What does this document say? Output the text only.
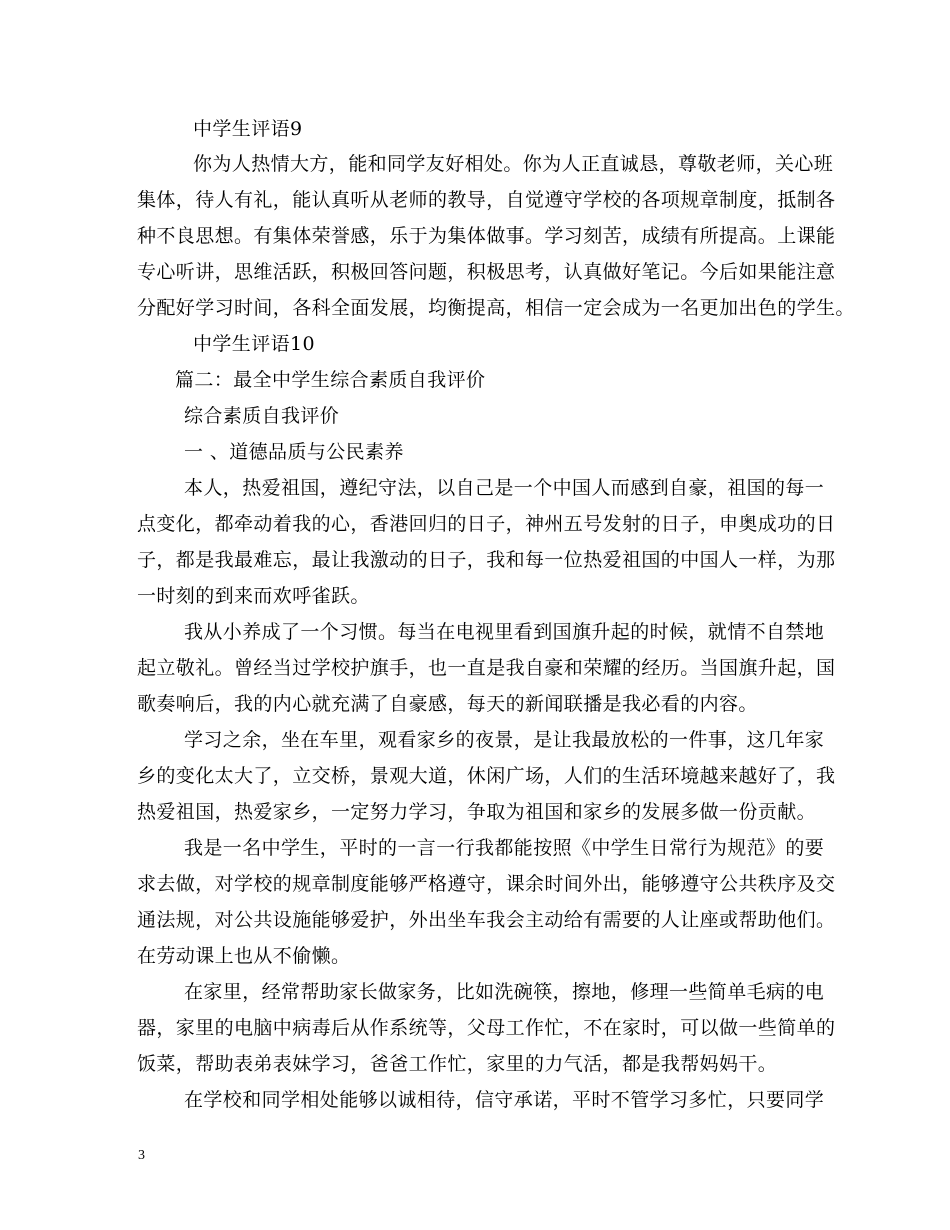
中学生评语9
你为人热情大方，能和同学友好相处。你为人正直诚恳，尊敬老师，关心班
集体，待人有礼，能认真听从老师的教导，自觉遵守学校的各项规章制度，抵制各
种不良思想。有集体荣誉感，乐于为集体做事。学习刻苦，成绩有所提高。上课能
专心听讲，思维活跃，积极回答问题，积极思考，认真做好笔记。今后如果能注意
分配好学习时间，各科全面发展，均衡提高，相信一定会成为一名更加出色的学生。
中学生评语10
篇二：最全中学生综合素质自我评价
综合素质自我评价
一 、道德品质与公民素养
本人，热爱祖国，遵纪守法，以自己是一个中国人而感到自豪，祖国的每一
点变化，都牵动着我的心，香港回归的日子，神州五号发射的日子，申奥成功的日
子，都是我最难忘，最让我激动的日子，我和每一位热爱祖国的中国人一样，为那
一时刻的到来而欢呼雀跃。
我从小养成了一个习惯。每当在电视里看到国旗升起的时候，就情不自禁地
起立敬礼。曾经当过学校护旗手，也一直是我自豪和荣耀的经历。当国旗升起，国
歌奏响后，我的内心就充满了自豪感，每天的新闻联播是我必看的内容。
学习之余，坐在车里，观看家乡的夜景，是让我最放松的一件事，这几年家
乡的变化太大了，立交桥，景观大道，休闲广场，人们的生活环境越来越好了，我
热爱祖国，热爱家乡，一定努力学习，争取为祖国和家乡的发展多做一份贡献。
我是一名中学生，平时的一言一行我都能按照《中学生日常行为规范》的要
求去做，对学校的规章制度能够严格遵守，课余时间外出，能够遵守公共秩序及交
通法规，对公共设施能够爱护，外出坐车我会主动给有需要的人让座或帮助他们。
在劳动课上也从不偷懒。
在家里，经常帮助家长做家务，比如洗碗筷，擦地，修理一些简单毛病的电
器，家里的电脑中病毒后从作系统等，父母工作忙，不在家时，可以做一些简单的
饭菜，帮助表弟表妹学习，爸爸工作忙，家里的力气活，都是我帮妈妈干。
在学校和同学相处能够以诚相待，信守承诺，平时不管学习多忙，只要同学
3
